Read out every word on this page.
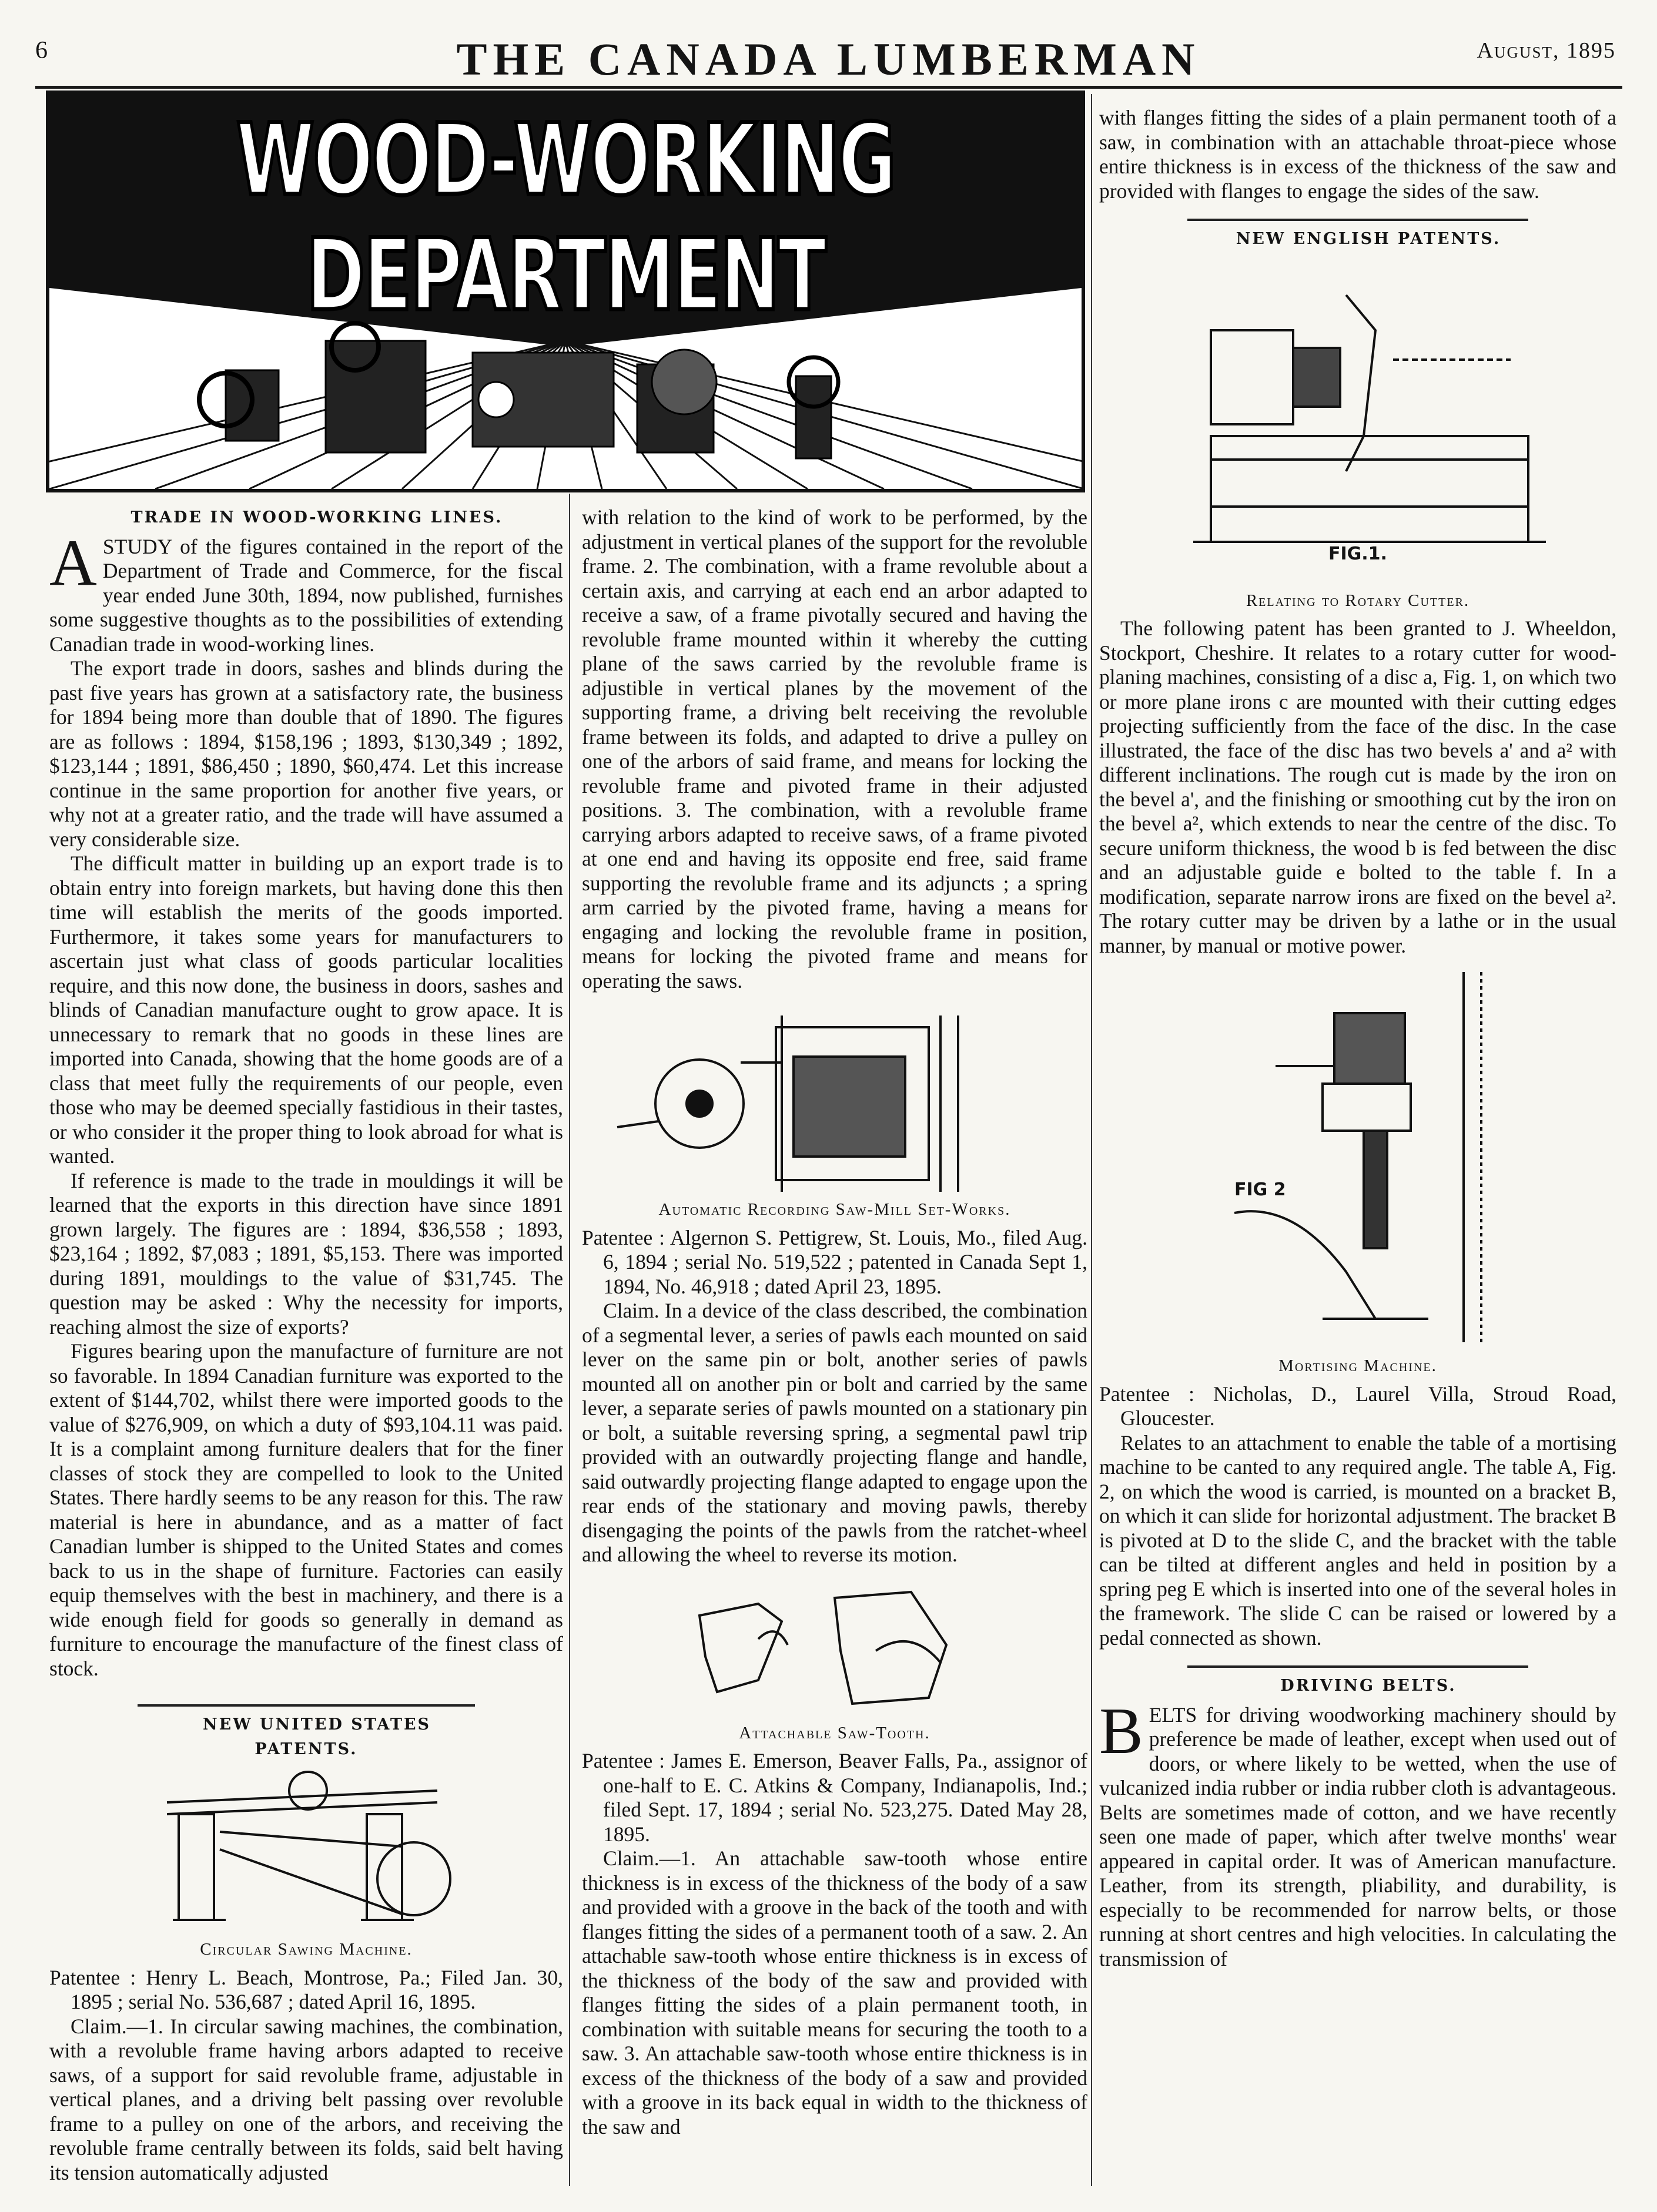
6	THE CANADA LUMBERMAN	August, 1895
WOOD-WORKING DEPARTMENT

TRADE IN WOOD-WORKING LINES.

A STUDY of the figures contained in the report of the Department of Trade and Commerce, for the fiscal year ended June 30th, 1894, now published, furnishes some suggestive thoughts as to the possibilities of extending Canadian trade in wood-working lines.

The export trade in doors, sashes and blinds during the past five years has grown at a satisfactory rate, the business for 1894 being more than double that of 1890. The figures are as follows : 1894, $158,196 ; 1893, $130,349 ; 1892, $123,144 ; 1891, $86,450 ; 1890, $60,474. Let this increase continue in the same proportion for another five years, or why not at a greater ratio, and the trade will have assumed a very considerable size.

The difficult matter in building up an export trade is to obtain entry into foreign markets, but having done this then time will establish the merits of the goods imported. Furthermore, it takes some years for manufacturers to ascertain just what class of goods particular localities require, and this now done, the business in doors, sashes and blinds of Canadian manufacture ought to grow apace. It is unnecessary to remark that no goods in these lines are imported into Canada, showing that the home goods are of a class that meet fully the requirements of our people, even those who may be deemed specially fastidious in their tastes, or who consider it the proper thing to look abroad for what is wanted.

If reference is made to the trade in mouldings it will be learned that the exports in this direction have since 1891 grown largely. The figures are : 1894, $36,558 ; 1893, $23,164 ; 1892, $7,083 ; 1891, $5,153. There was imported during 1891, mouldings to the value of $31,745. The question may be asked : Why the necessity for imports, reaching almost the size of exports?

Figures bearing upon the manufacture of furniture are not so favorable. In 1894 Canadian furniture was exported to the extent of $144,702, whilst there were imported goods to the value of $276,909, on which a duty of $93,104.11 was paid. It is a complaint among furniture dealers that for the finer classes of stock they are compelled to look to the United States. There hardly seems to be any reason for this. The raw material is here in abundance, and as a matter of fact Canadian lumber is shipped to the United States and comes back to us in the shape of furniture. Factories can easily equip themselves with the best in machinery, and there is a wide enough field for goods so generally in demand as furniture to encourage the manufacture of the finest class of stock.

NEW UNITED STATES PATENTS.

Circular Sawing Machine.

Patentee : Henry L. Beach, Montrose, Pa.; Filed Jan. 30, 1895 ; serial No. 536,687 ; dated April 16, 1895.

Claim.—1. In circular sawing machines, the combination, with a revoluble frame having arbors adapted to receive saws, of a support for said revoluble frame, adjustable in vertical planes, and a driving belt passing over revoluble frame to a pulley on one of the arbors, and receiving the revoluble frame centrally between its folds, said belt having its tension automatically adjusted

with relation to the kind of work to be performed, by the adjustment in vertical planes of the support for the revoluble frame. 2. The combination, with a frame revoluble about a certain axis, and carrying at each end an arbor adapted to receive a saw, of a frame pivotally secured and having the revoluble frame mounted within it whereby the cutting plane of the saws carried by the revoluble frame is adjustible in vertical planes by the movement of the supporting frame, a driving belt receiving the revoluble frame between its folds, and adapted to drive a pulley on one of the arbors of said frame, and means for locking the revoluble frame and pivoted frame in their adjusted positions. 3. The combination, with a revoluble frame carrying arbors adapted to receive saws, of a frame pivoted at one end and having its opposite end free, said frame supporting the revoluble frame and its adjuncts ; a spring arm carried by the pivoted frame, having a means for engaging and locking the revoluble frame in position, means for locking the pivoted frame and means for operating the saws.

Automatic Recording Saw-Mill Set-Works.

Patentee : Algernon S. Pettigrew, St. Louis, Mo., filed Aug. 6, 1894 ; serial No. 519,522 ; patented in Canada Sept 1, 1894, No. 46,918 ; dated April 23, 1895.

Claim. In a device of the class described, the combination of a segmental lever, a series of pawls each mounted on said lever on the same pin or bolt, another series of pawls mounted all on another pin or bolt and carried by the same lever, a separate series of pawls mounted on a stationary pin or bolt, a suitable reversing spring, a segmental pawl trip provided with an outwardly projecting flange and handle, said outwardly projecting flange adapted to engage upon the rear ends of the stationary and moving pawls, thereby disengaging the points of the pawls from the ratchet-wheel and allowing the wheel to reverse its motion.

Attachable Saw-Tooth.

Patentee : James E. Emerson, Beaver Falls, Pa., assignor of one-half to E. C. Atkins & Company, Indianapolis, Ind.; filed Sept. 17, 1894 ; serial No. 523,275. Dated May 28, 1895.

Claim.—1. An attachable saw-tooth whose entire thickness is in excess of the thickness of the body of a saw and provided with a groove in the back of the tooth and with flanges fitting the sides of a permanent tooth of a saw. 2. An attachable saw-tooth whose entire thickness is in excess of the thickness of the body of the saw and provided with flanges fitting the sides of a plain permanent tooth, in combination with suitable means for securing the tooth to a saw. 3. An attachable saw-tooth whose entire thickness is in excess of the thickness of the body of a saw and provided with a groove in its back equal in width to the thickness of the saw and

with flanges fitting the sides of a plain permanent tooth of a saw, in combination with an attachable throat-piece whose entire thickness is in excess of the thickness of the saw and provided with flanges to engage the sides of the saw.

NEW ENGLISH PATENTS.

FIG.1.
Relating to Rotary Cutter.

The following patent has been granted to J. Wheeldon, Stockport, Cheshire. It relates to a rotary cutter for wood-planing machines, consisting of a disc a, Fig. 1, on which two or more plane irons c are mounted with their cutting edges projecting sufficiently from the face of the disc. In the case illustrated, the face of the disc has two bevels a' and a² with different inclinations. The rough cut is made by the iron on the bevel a', and the finishing or smoothing cut by the iron on the bevel a², which extends to near the centre of the disc. To secure uniform thickness, the wood b is fed between the disc and an adjustable guide e bolted to the table f. In a modification, separate narrow irons are fixed on the bevel a². The rotary cutter may be driven by a lathe or in the usual manner, by manual or motive power.

FIG 2
Mortising Machine.

Patentee : Nicholas, D., Laurel Villa, Stroud Road, Gloucester.

Relates to an attachment to enable the table of a mortising machine to be canted to any required angle. The table A, Fig. 2, on which the wood is carried, is mounted on a bracket B, on which it can slide for horizontal adjustment. The bracket B is pivoted at D to the slide C, and the bracket with the table can be tilted at different angles and held in position by a spring peg E which is inserted into one of the several holes in the framework. The slide C can be raised or lowered by a pedal connected as shown.

DRIVING BELTS.

B ELTS for driving woodworking machinery should by preference be made of leather, except when used out of doors, or where likely to be wetted, when the use of vulcanized india rubber or india rubber cloth is advantageous. Belts are sometimes made of cotton, and we have recently seen one made of paper, which after twelve months' wear appeared in capital order. It was of American manufacture. Leather, from its strength, pliability, and durability, is especially to be recommended for narrow belts, or those running at short centres and high velocities. In calculating the transmission of
